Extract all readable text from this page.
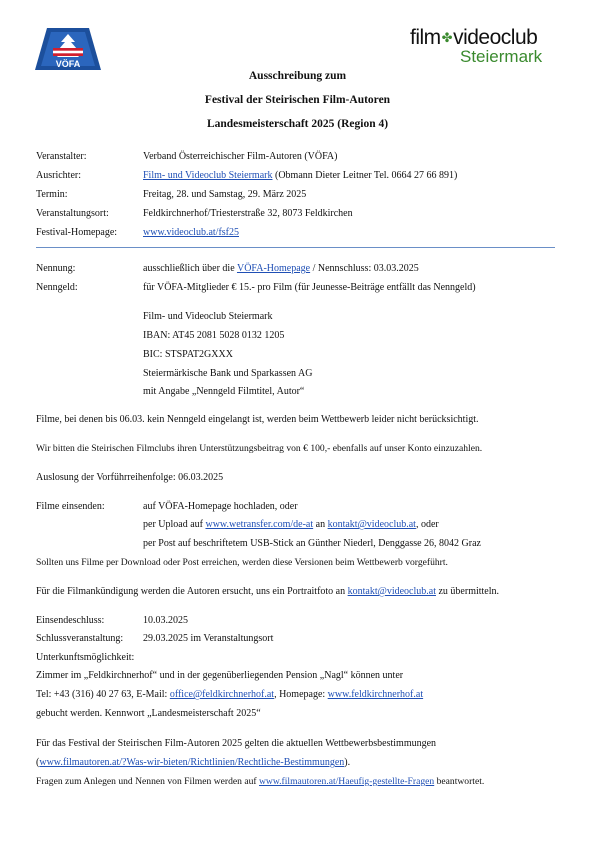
VÖFA
film✤videoclub
Steiermark
Ausschreibung zum
Festival der Steirischen Film-Autoren
Landesmeisterschaft 2025 (Region 4)
Veranstalter:	Verband Österreichischer Film-Autoren (VÖFA)
Ausrichter:	Film- und Videoclub Steiermark (Obmann Dieter Leitner Tel. 0664 27 66 891)
Termin:	Freitag, 28. und Samstag, 29. März 2025
Veranstaltungsort:	Feldkirchnerhof/Triesterstraße 32, 8073 Feldkirchen
Festival-Homepage:	www.videoclub.at/fsf25
Nennung:	ausschließlich über die VÖFA-Homepage / Nennschluss: 03.03.2025
Nenngeld:	für VÖFA-Mitglieder € 15.- pro Film (für Jeunesse-Beiträge entfällt das Nenngeld)
Film- und Videoclub Steiermark
IBAN: AT45 2081 5028 0132 1205
BIC: STSPAT2GXXX
Steiermärkische Bank und Sparkassen AG
mit Angabe „Nenngeld Filmtitel, Autor“
Filme, bei denen bis 06.03. kein Nenngeld eingelangt ist, werden beim Wettbewerb leider nicht berücksichtigt.
Wir bitten die Steirischen Filmclubs ihren Unterstützungsbeitrag von € 100,- ebenfalls auf unser Konto einzuzahlen.
Auslosung der Vorführreihenfolge: 06.03.2025
Filme einsenden:	auf VÖFA-Homepage hochladen, oder
per Upload auf www.wetransfer.com/de-at an kontakt@videoclub.at, oder
per Post auf beschriftetem USB-Stick an Günther Niederl, Denggasse 26, 8042 Graz
Sollten uns Filme per Download oder Post erreichen, werden diese Versionen beim Wettbewerb vorgeführt.
Für die Filmankündigung werden die Autoren ersucht, uns ein Portraitfoto an kontakt@videoclub.at zu übermitteln.
Einsendeschluss:	10.03.2025
Schlussveranstaltung: 29.03.2025 im Veranstaltungsort
Unterkunftsmöglichkeit:
Zimmer im „Feldkirchnerhof“ und in der gegenüberliegenden Pension „Nagl“ können unter
Tel: +43 (316) 40 27 63, E-Mail: office@feldkirchnerhof.at, Homepage: www.feldkirchnerhof.at
gebucht werden. Kennwort „Landesmeisterschaft 2025“
Für das Festival der Steirischen Film-Autoren 2025 gelten die aktuellen Wettbewerbsbestimmungen
(www.filmautoren.at/?Was-wir-bieten/Richtlinien/Rechtliche-Bestimmungen).
Fragen zum Anlegen und Nennen von Filmen werden auf www.filmautoren.at/Haeufig-gestellte-Fragen beantwortet.
